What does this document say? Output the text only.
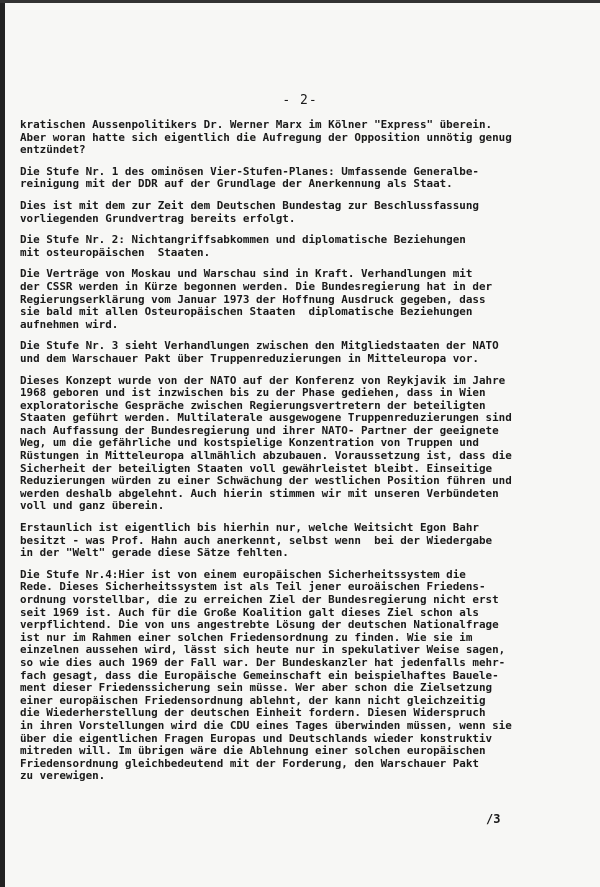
- 2-
kratischen Aussenpolitikers Dr. Werner Marx im Kölner "Express" überein.
Aber woran hatte sich eigentlich die Aufregung der Opposition unnötig genug
entzündet?
Die Stufe Nr. 1 des ominösen Vier-Stufen-Planes: Umfassende Generalbe-
reinigung mit der DDR auf der Grundlage der Anerkennung als Staat.
Dies ist mit dem zur Zeit dem Deutschen Bundestag zur Beschlussfassung
vorliegenden Grundvertrag bereits erfolgt.
Die Stufe Nr. 2: Nichtangriffsabkommen und diplomatische Beziehungen
mit osteuropäischen  Staaten.
Die Verträge von Moskau und Warschau sind in Kraft. Verhandlungen mit
der CSSR werden in Kürze begonnen werden. Die Bundesregierung hat in der
Regierungserklärung vom Januar 1973 der Hoffnung Ausdruck gegeben, dass
sie bald mit allen Osteuropäischen Staaten  diplomatische Beziehungen
aufnehmen wird.
Die Stufe Nr. 3 sieht Verhandlungen zwischen den Mitgliedstaaten der NATO
und dem Warschauer Pakt über Truppenreduzierungen in Mitteleuropa vor.
Dieses Konzept wurde von der NATO auf der Konferenz von Reykjavik im Jahre
1968 geboren und ist inzwischen bis zu der Phase gediehen, dass in Wien
exploratorische Gespräche zwischen Regierungsvertretern der beteiligten
Staaten geführt werden. Multilaterale ausgewogene Truppenreduzierungen sind
nach Auffassung der Bundesregierung und ihrer NATO- Partner der geeignete
Weg, um die gefährliche und kostspielige Konzentration von Truppen und
Rüstungen in Mitteleuropa allmählich abzubauen. Voraussetzung ist, dass die
Sicherheit der beteiligten Staaten voll gewährleistet bleibt. Einseitige
Reduzierungen würden zu einer Schwächung der westlichen Position führen und
werden deshalb abgelehnt. Auch hierin stimmen wir mit unseren Verbündeten
voll und ganz überein.
Erstaunlich ist eigentlich bis hierhin nur, welche Weitsicht Egon Bahr
besitzt - was Prof. Hahn auch anerkennt, selbst wenn  bei der Wiedergabe
in der "Welt" gerade diese Sätze fehlten.
Die Stufe Nr.4:Hier ist von einem europäischen Sicherheitssystem die
Rede. Dieses Sicherheitssystem ist als Teil jener euroäischen Friedens-
ordnung vorstellbar, die zu erreichen Ziel der Bundesregierung nicht erst
seit 1969 ist. Auch für die Große Koalition galt dieses Ziel schon als
verpflichtend. Die von uns angestrebte Lösung der deutschen Nationalfrage
ist nur im Rahmen einer solchen Friedensordnung zu finden. Wie sie im
einzelnen aussehen wird, lässt sich heute nur in spekulativer Weise sagen,
so wie dies auch 1969 der Fall war. Der Bundeskanzler hat jedenfalls mehr-
fach gesagt, dass die Europäische Gemeinschaft ein beispielhaftes Bauele-
ment dieser Friedenssicherung sein müsse. Wer aber schon die Zielsetzung
einer europäischen Friedensordnung ablehnt, der kann nicht gleichzeitig
die Wiederherstellung der deutschen Einheit fordern. Diesen Widerspruch
in ihren Vorstellungen wird die CDU eines Tages überwinden müssen, wenn sie
über die eigentlichen Fragen Europas und Deutschlands wieder konstruktiv
mitreden will. Im übrigen wäre die Ablehnung einer solchen europäischen
Friedensordnung gleichbedeutend mit der Forderung, den Warschauer Pakt
zu verewigen.
/3
